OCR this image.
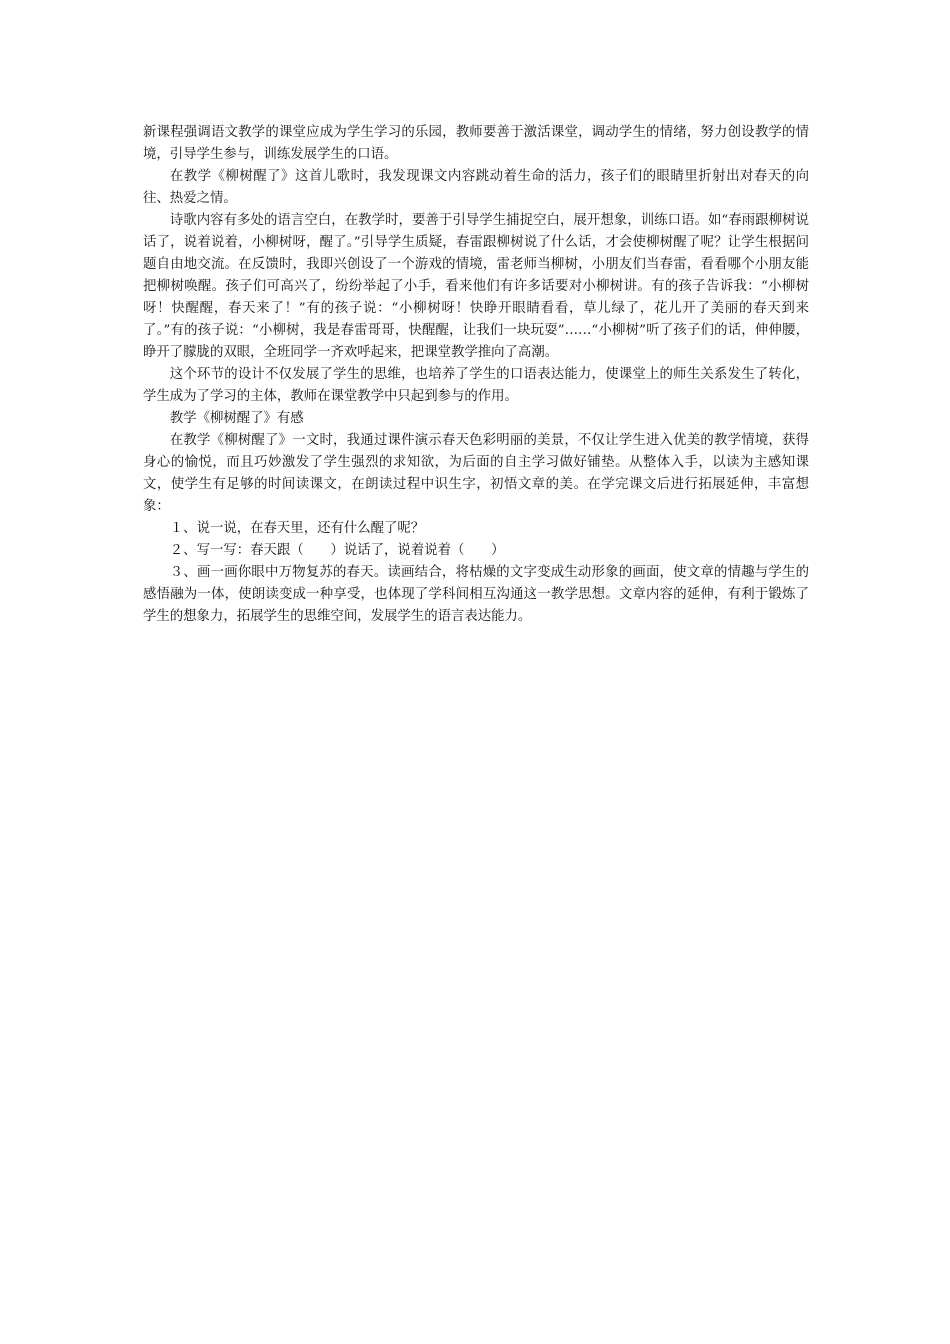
新课程强调语文教学的课堂应成为学生学习的乐园，教师要善于激活课堂，调动学生的情绪，努力创设教学的情境，引导学生参与，训练发展学生的口语。

在教学《柳树醒了》这首儿歌时，我发现课文内容跳动着生命的活力，孩子们的眼睛里折射出对春天的向往、热爱之情。

诗歌内容有多处的语言空白，在教学时，要善于引导学生捕捉空白，展开想象，训练口语。如“春雨跟柳树说话了，说着说着，小柳树呀，醒了。”引导学生质疑，春雷跟柳树说了什么话，才会使柳树醒了呢？让学生根据问题自由地交流。在反馈时，我即兴创设了一个游戏的情境，雷老师当柳树，小朋友们当春雷，看看哪个小朋友能把柳树唤醒。孩子们可高兴了，纷纷举起了小手，看来他们有许多话要对小柳树讲。有的孩子告诉我：“小柳树呀！快醒醒，春天来了！”有的孩子说：“小柳树呀！快睁开眼睛看看，草儿绿了，花儿开了美丽的春天到来了。”有的孩子说：“小柳树，我是春雷哥哥，快醒醒，让我们一块玩耍”……“小柳树”听了孩子们的话，伸伸腰，睁开了朦胧的双眼，全班同学一齐欢呼起来，把课堂教学推向了高潮。

这个环节的设计不仅发展了学生的思维，也培养了学生的口语表达能力，使课堂上的师生关系发生了转化，学生成为了学习的主体，教师在课堂教学中只起到参与的作用。

教学《柳树醒了》有感

在教学《柳树醒了》一文时，我通过课件演示春天色彩明丽的美景，不仅让学生进入优美的教学情境，获得身心的愉悦，而且巧妙激发了学生强烈的求知欲，为后面的自主学习做好铺垫。从整体入手，以读为主感知课文，使学生有足够的时间读课文，在朗读过程中识生字，初悟文章的美。在学完课文后进行拓展延伸，丰富想象：

１、说一说，在春天里，还有什么醒了呢？

２、写一写：春天跟（　　）说话了，说着说着（　　）

３、画一画你眼中万物复苏的春天。读画结合，将枯燥的文字变成生动形象的画面，使文章的情趣与学生的感悟融为一体，使朗读变成一种享受，也体现了学科间相互沟通这一教学思想。文章内容的延伸，有利于锻炼了学生的想象力，拓展学生的思维空间，发展学生的语言表达能力。
